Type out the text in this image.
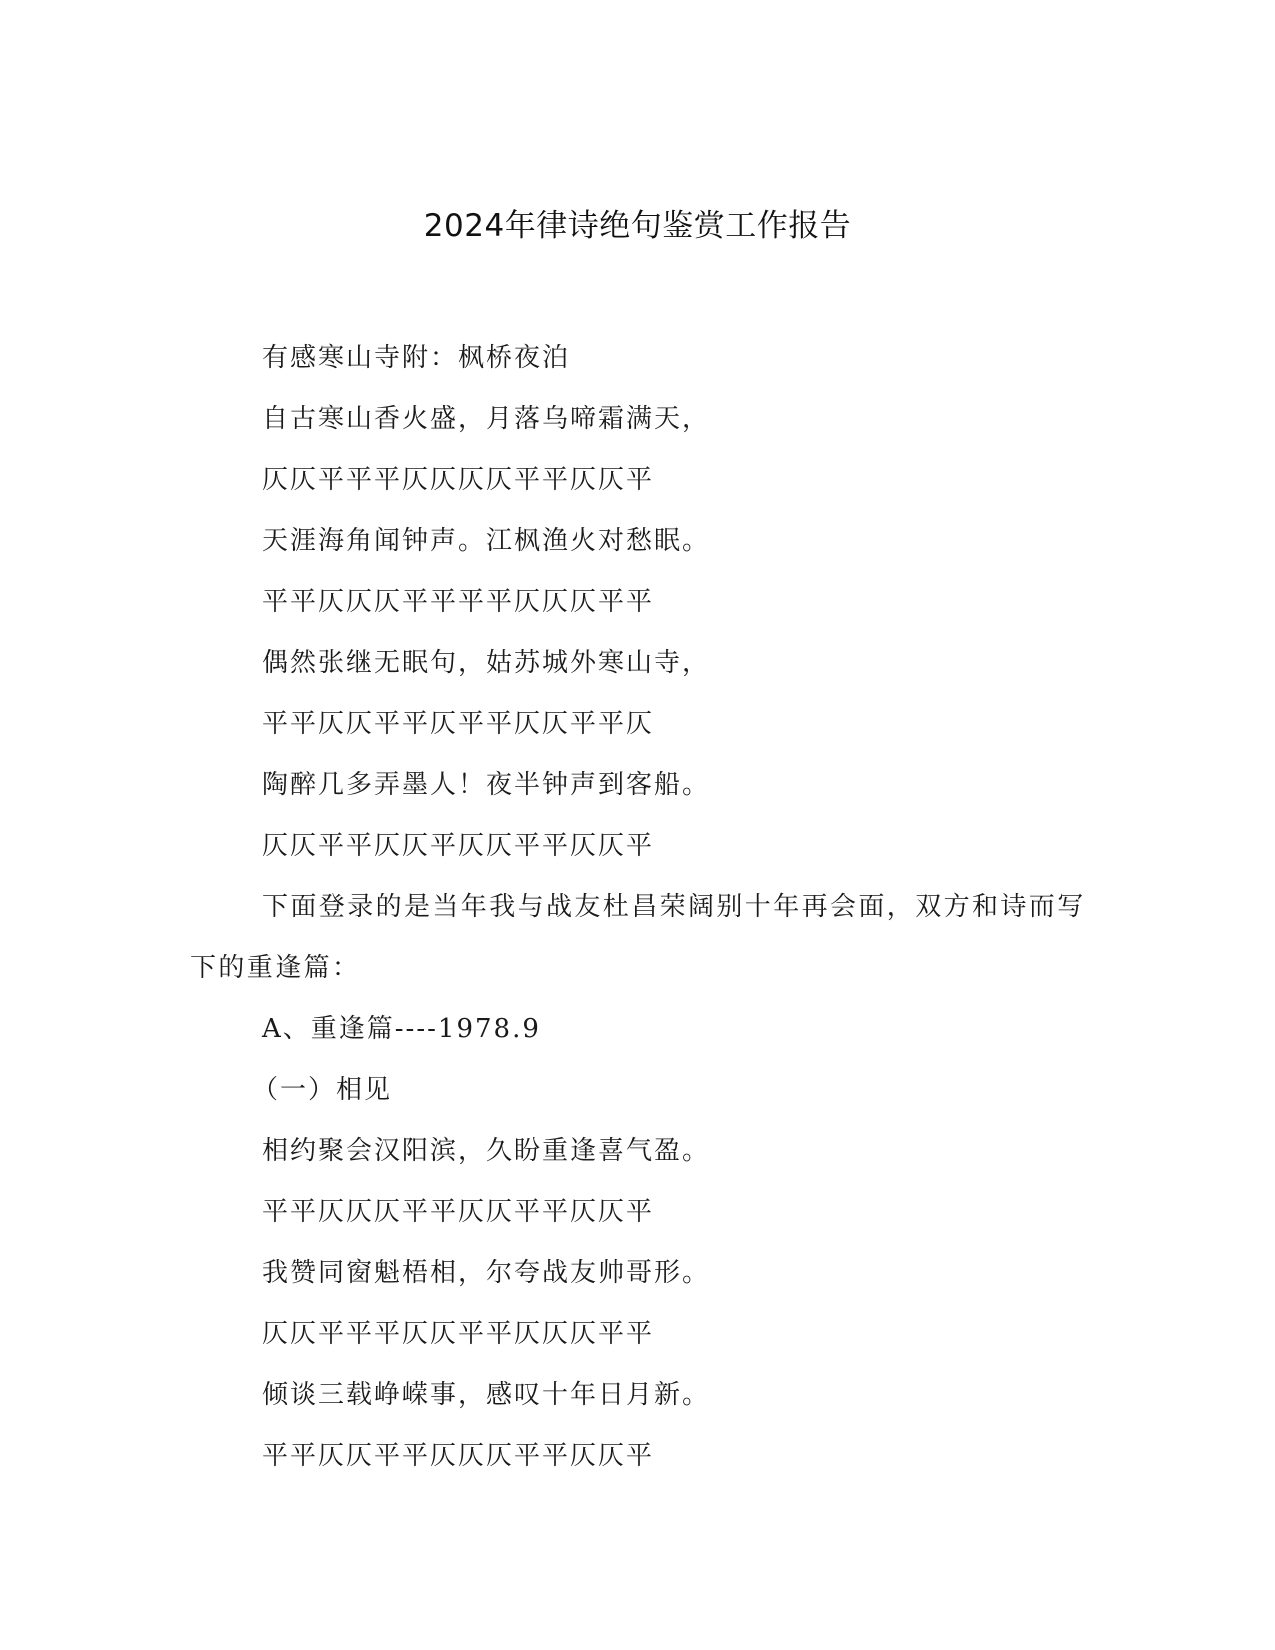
2024年律诗绝句鉴赏工作报告
有感寒山寺附：枫桥夜泊
自古寒山香火盛，月落乌啼霜满天，
仄仄平平平仄仄仄仄平平仄仄平
天涯海角闻钟声。江枫渔火对愁眠。
平平仄仄仄平平平平仄仄仄平平
偶然张继无眠句，姑苏城外寒山寺，
平平仄仄平平仄平平仄仄平平仄
陶醉几多弄墨人！夜半钟声到客船。
仄仄平平仄仄平仄仄平平仄仄平
下面登录的是当年我与战友杜昌荣阔别十年再会面，双方和诗而写下的重逢篇：
A、重逢篇----1978.9
（一）相见
相约聚会汉阳滨，久盼重逢喜气盈。
平平仄仄仄平平仄仄平平仄仄平
我赞同窗魁梧相，尔夸战友帅哥形。
仄仄平平平仄仄平平仄仄仄平平
倾谈三载峥嵘事，感叹十年日月新。
平平仄仄平平仄仄仄平平仄仄平
